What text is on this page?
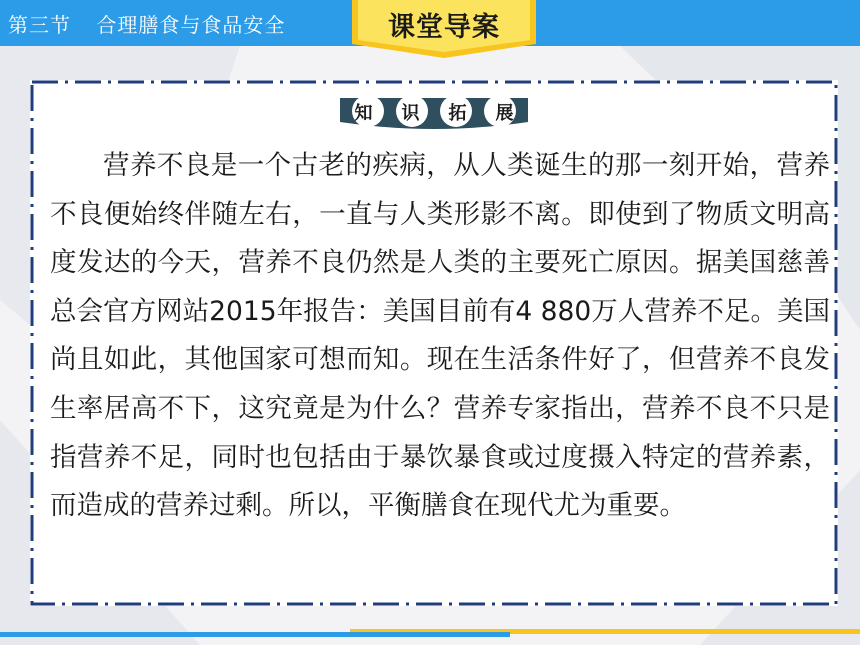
第三节 合理膳食与食品安全	课堂导案
知 识 拓 展
营养不良是一个古老的疾病，从人类诞生的那一刻开始，营养不良便始终伴随左右，一直与人类形影不离。即使到了物质文明高度发达的今天，营养不良仍然是人类的主要死亡原因。据美国慈善总会官方网站2015年报告：美国目前有4 880万人营养不足。美国尚且如此，其他国家可想而知。现在生活条件好了，但营养不良发生率居高不下，这究竟是为什么？营养专家指出，营养不良不只是指营养不足，同时也包括由于暴饮暴食或过度摄入特定的营养素，而造成的营养过剩。所以，平衡膳食在现代尤为重要。
